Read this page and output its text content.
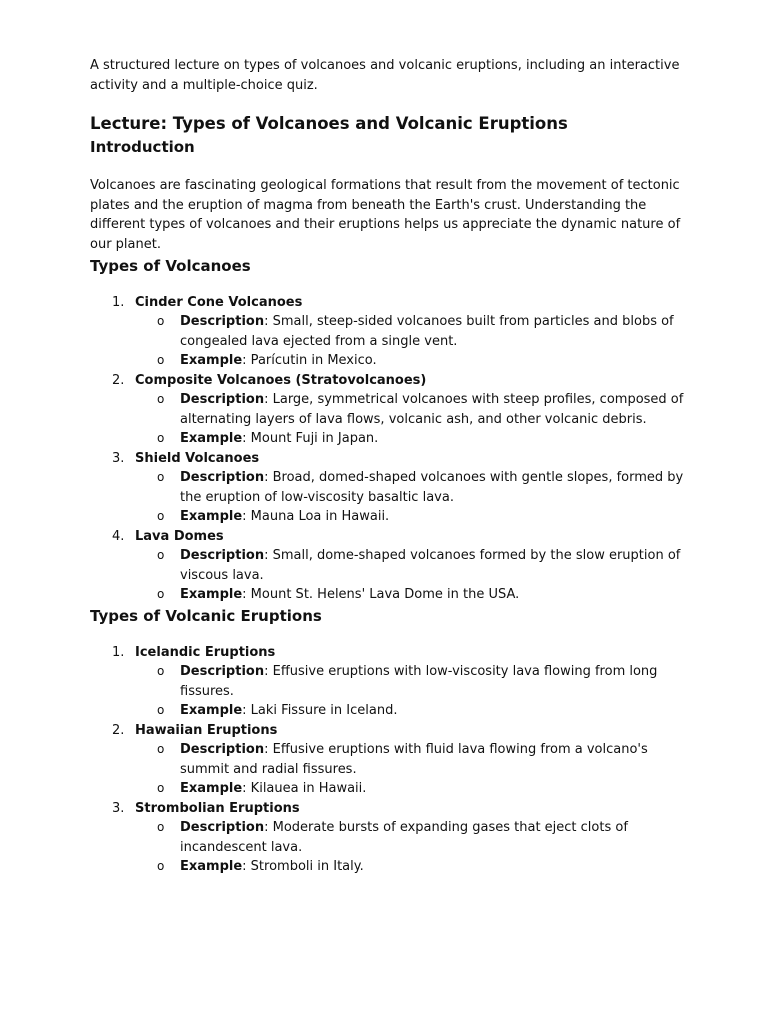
A structured lecture on types of volcanoes and volcanic eruptions, including an interactive activity and a multiple-choice quiz.

Lecture: Types of Volcanoes and Volcanic Eruptions
Introduction

Volcanoes are fascinating geological formations that result from the movement of tectonic plates and the eruption of magma from beneath the Earth's crust. Understanding the different types of volcanoes and their eruptions helps us appreciate the dynamic nature of our planet.

Types of Volcanoes
1. Cinder Cone Volcanoes
o Description: Small, steep-sided volcanoes built from particles and blobs of congealed lava ejected from a single vent.
o Example: Parícutin in Mexico.
2. Composite Volcanoes (Stratovolcanoes)
o Description: Large, symmetrical volcanoes with steep profiles, composed of alternating layers of lava flows, volcanic ash, and other volcanic debris.
o Example: Mount Fuji in Japan.
3. Shield Volcanoes
o Description: Broad, domed-shaped volcanoes with gentle slopes, formed by the eruption of low-viscosity basaltic lava.
o Example: Mauna Loa in Hawaii.
4. Lava Domes
o Description: Small, dome-shaped volcanoes formed by the slow eruption of viscous lava.
o Example: Mount St. Helens' Lava Dome in the USA.
Types of Volcanic Eruptions
1. Icelandic Eruptions
o Description: Effusive eruptions with low-viscosity lava flowing from long fissures.
o Example: Laki Fissure in Iceland.
2. Hawaiian Eruptions
o Description: Effusive eruptions with fluid lava flowing from a volcano's summit and radial fissures.
o Example: Kilauea in Hawaii.
3. Strombolian Eruptions
o Description: Moderate bursts of expanding gases that eject clots of incandescent lava.
o Example: Stromboli in Italy.
